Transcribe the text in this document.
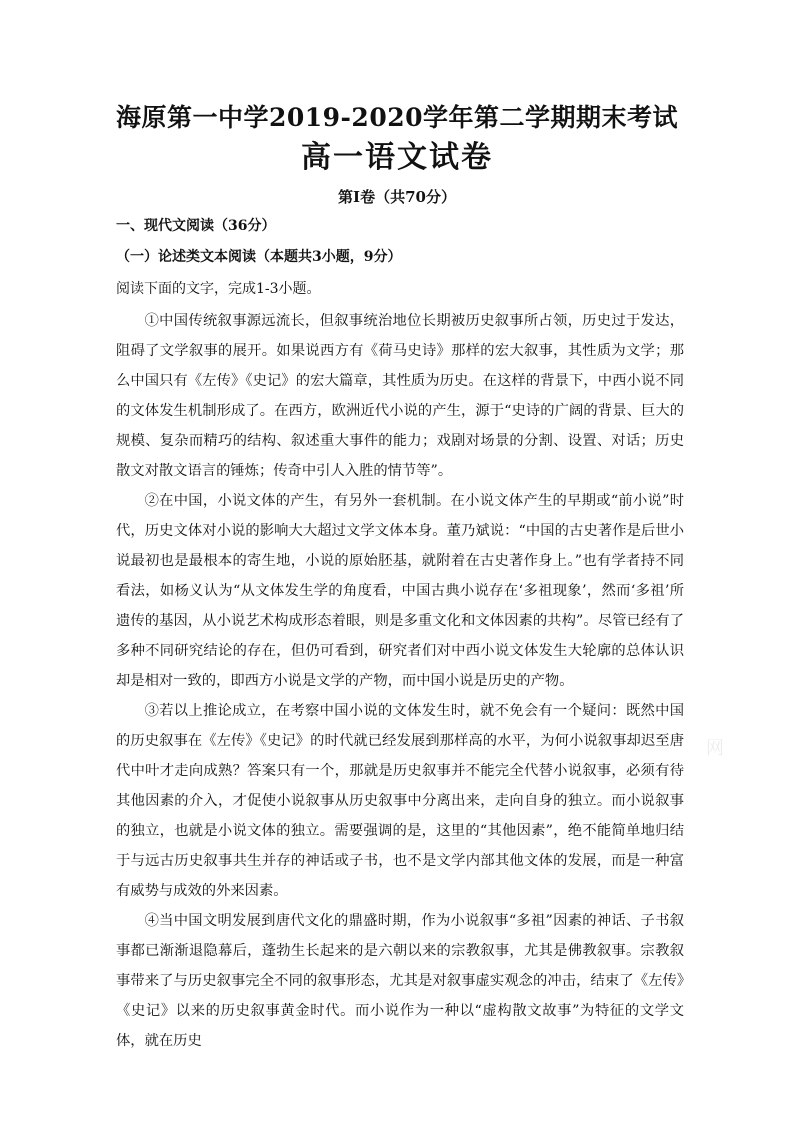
海原第一中学2019-2020学年第二学期期末考试
高一语文试卷
第Ⅰ卷（共70分）
一、现代文阅读（36分）
（一）论述类文本阅读（本题共3小题，9分）
阅读下面的文字，完成1-3小题。

①中国传统叙事源远流长，但叙事统治地位长期被历史叙事所占领，历史过于发达，阻碍了文学叙事的展开。如果说西方有《荷马史诗》那样的宏大叙事，其性质为文学；那么中国只有《左传》《史记》的宏大篇章，其性质为历史。在这样的背景下，中西小说不同的文体发生机制形成了。在西方，欧洲近代小说的产生，源于“史诗的广阔的背景、巨大的规模、复杂而精巧的结构、叙述重大事件的能力；戏剧对场景的分割、设置、对话；历史散文对散文语言的锤炼；传奇中引人入胜的情节等”。

②在中国，小说文体的产生，有另外一套机制。在小说文体产生的早期或“前小说”时代，历史文体对小说的影响大大超过文学文体本身。董乃斌说：“中国的古史著作是后世小说最初也是最根本的寄生地，小说的原始胚基，就附着在古史著作身上。”也有学者持不同看法，如杨义认为“从文体发生学的角度看，中国古典小说存在‘多祖现象’，然而‘多祖’所遗传的基因，从小说艺术构成形态着眼，则是多重文化和文体因素的共构”。尽管已经有了多种不同研究结论的存在，但仍可看到，研究者们对中西小说文体发生大轮廓的总体认识却是相对一致的，即西方小说是文学的产物，而中国小说是历史的产物。

③若以上推论成立，在考察中国小说的文体发生时，就不免会有一个疑问：既然中国的历史叙事在《左传》《史记》的时代就已经发展到那样高的水平，为何小说叙事却迟至唐代中叶才走向成熟？答案只有一个，那就是历史叙事并不能完全代替小说叙事，必须有待其他因素的介入，才促使小说叙事从历史叙事中分离出来，走向自身的独立。而小说叙事的独立，也就是小说文体的独立。需要强调的是，这里的“其他因素”，绝不能简单地归结于与远古历史叙事共生并存的神话或子书，也不是文学内部其他文体的发展，而是一种富有威势与成效的外来因素。

④当中国文明发展到唐代文化的鼎盛时期，作为小说叙事“多祖”因素的神话、子书叙事都已渐渐退隐幕后，蓬勃生长起来的是六朝以来的宗教叙事，尤其是佛教叙事。宗教叙事带来了与历史叙事完全不同的叙事形态，尤其是对叙事虚实观念的冲击，结束了《左传》《史记》以来的历史叙事黄金时代。而小说作为一种以“虚构散文故事”为特征的文学文体，就在历史

网
